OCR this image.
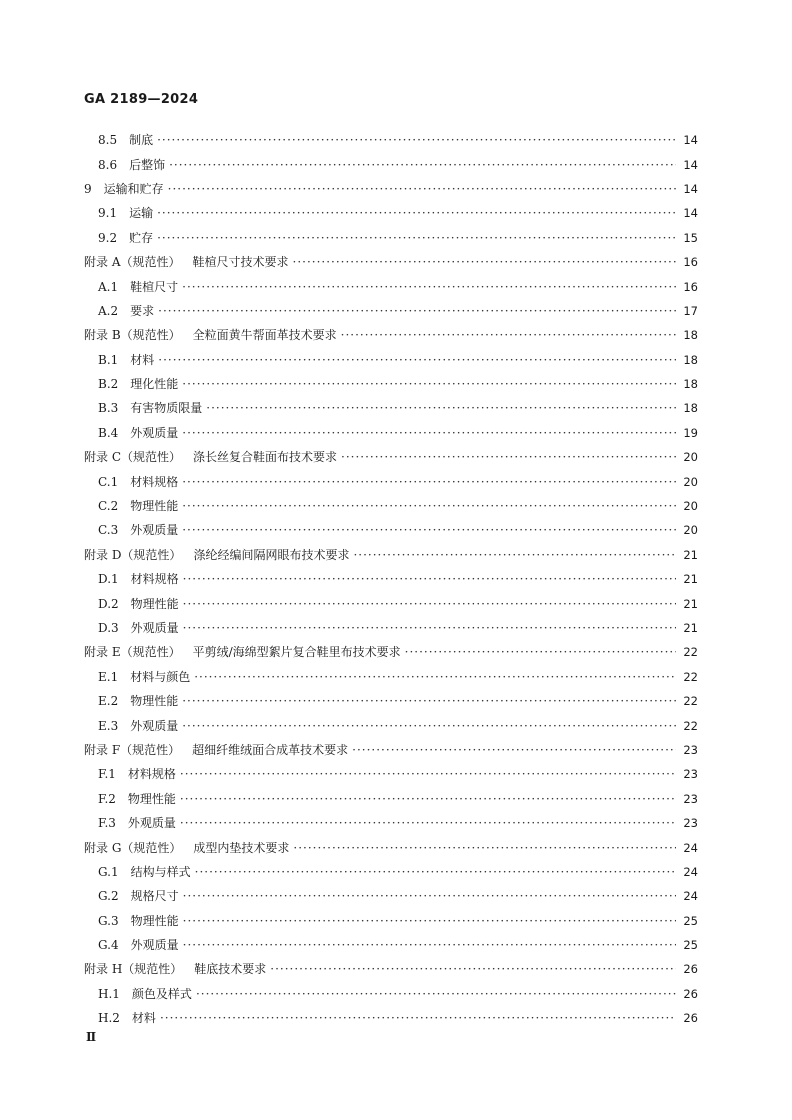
GA 2189—2024
8.5 制底 ·····	14
8.6 后整饰 ·····	14
9 运输和贮存 ·····	14
9.1 运输 ·····	14
9.2 贮存 ·····	15
附录 A（规范性） 鞋楦尺寸技术要求 ·····	16
A.1 鞋楦尺寸 ·····	16
A.2 要求 ·····	17
附录 B（规范性） 全粒面黄牛帮面革技术要求 ·····	18
B.1 材料 ·····	18
B.2 理化性能 ·····	18
B.3 有害物质限量 ·····	18
B.4 外观质量 ·····	19
附录 C（规范性） 涤长丝复合鞋面布技术要求 ·····	20
C.1 材料规格 ·····	20
C.2 物理性能 ·····	20
C.3 外观质量 ·····	20
附录 D（规范性） 涤纶经编间隔网眼布技术要求 ·····	21
D.1 材料规格 ·····	21
D.2 物理性能 ·····	21
D.3 外观质量 ·····	21
附录 E（规范性） 平剪绒/海绵型絮片复合鞋里布技术要求 ·····	22
E.1 材料与颜色 ·····	22
E.2 物理性能 ·····	22
E.3 外观质量 ·····	22
附录 F（规范性） 超细纤维绒面合成革技术要求 ·····	23
F.1 材料规格 ·····	23
F.2 物理性能 ·····	23
F.3 外观质量 ·····	23
附录 G（规范性） 成型内垫技术要求 ·····	24
G.1 结构与样式 ·····	24
G.2 规格尺寸 ·····	24
G.3 物理性能 ·····	25
G.4 外观质量 ·····	25
附录 H（规范性） 鞋底技术要求 ·····	26
H.1 颜色及样式 ·····	26
H.2 材料 ·····	26
Ⅱ
